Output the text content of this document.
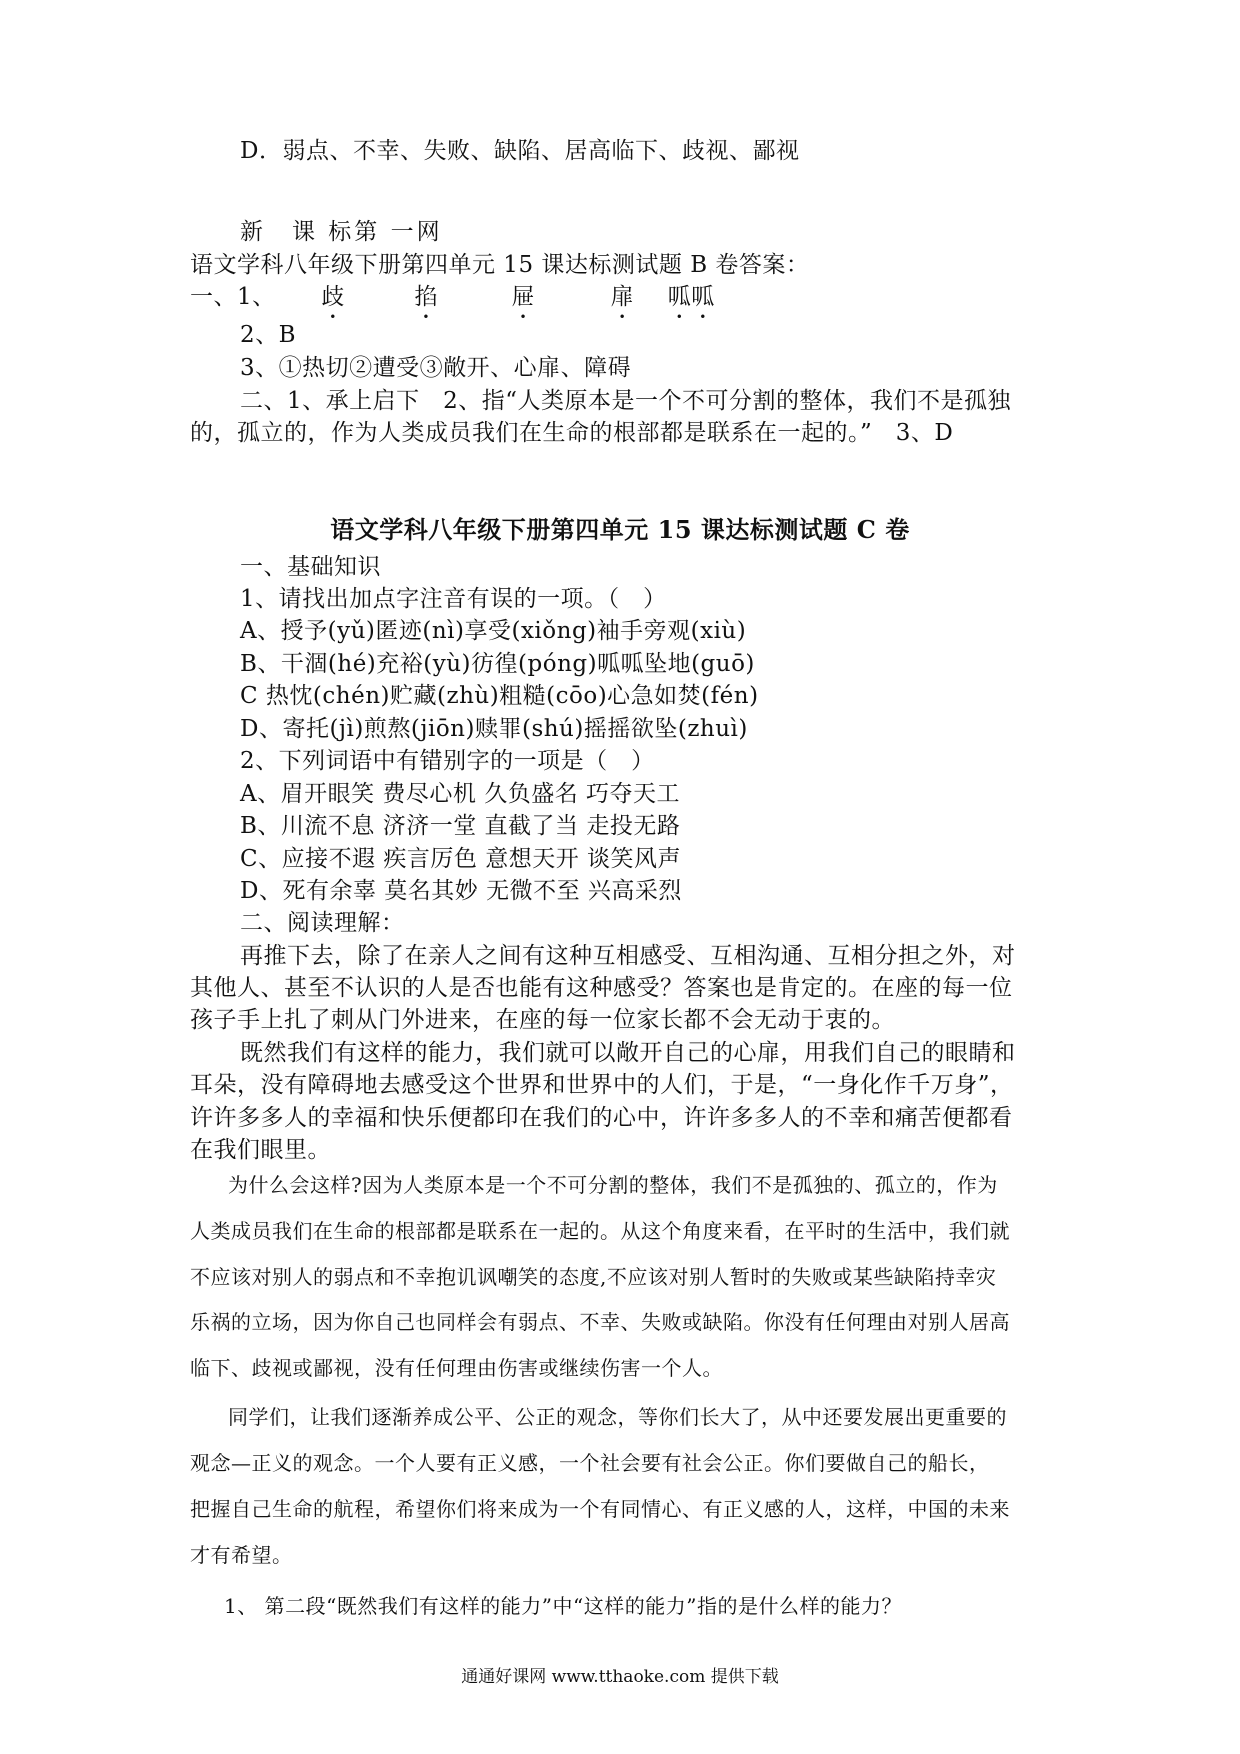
D．弱点、不幸、失败、缺陷、居高临下、歧视、鄙视

新　课 标第 一网

语文学科八年级下册第四单元 15 课达标测试题 B 卷答案：

一、1、 歧	掐	屉	扉 呱呱

2、B

3、①热切②遭受③敞开、心扉、障碍

二、1、承上启下　2、指“人类原本是一个不可分割的整体，我们不是孤独

的，孤立的，作为人类成员我们在生命的根部都是联系在一起的。”　3、D

语文学科八年级下册第四单元 15 课达标测试题 C 卷

一、基础知识

1、请找出加点字注音有误的一项。（　）

A、授予(yǔ)匿迹(nì)享受(xiǒng)袖手旁观(xiù)

B、干涸(hé)充裕(yù)彷徨(póng)呱呱坠地(guō)

C 热忱(chén)贮藏(zhù)粗糙(cōo)心急如焚(fén)

D、寄托(jì)煎熬(jiōn)赎罪(shú)摇摇欲坠(zhuì)

2、下列词语中有错别字的一项是（　）

A、眉开眼笑 费尽心机 久负盛名 巧夺天工

B、川流不息 济济一堂 直截了当 走投无路

C、应接不遐 疾言厉色 意想天开 谈笑风声

D、死有余辜 莫名其妙 无微不至 兴高采烈

二、阅读理解：

再推下去，除了在亲人之间有这种互相感受、互相沟通、互相分担之外，对

其他人、甚至不认识的人是否也能有这种感受？答案也是肯定的。在座的每一位

孩子手上扎了刺从门外进来，在座的每一位家长都不会无动于衷的。

既然我们有这样的能力，我们就可以敞开自己的心扉，用我们自己的眼睛和

耳朵，没有障碍地去感受这个世界和世界中的人们，于是，“一身化作千万身”，

许许多多人的幸福和快乐便都印在我们的心中，许许多多人的不幸和痛苦便都看

在我们眼里。

为什么会这样?因为人类原本是一个不可分割的整体，我们不是孤独的、孤立的，作为

人类成员我们在生命的根部都是联系在一起的。从这个角度来看，在平时的生活中，我们就

不应该对别人的弱点和不幸抱讥讽嘲笑的态度,不应该对别人暂时的失败或某些缺陷持幸灾

乐祸的立场，因为你自己也同样会有弱点、不幸、失败或缺陷。你没有任何理由对别人居高

临下、歧视或鄙视，没有任何理由伤害或继续伤害一个人。

同学们，让我们逐渐养成公平、公正的观念，等你们长大了，从中还要发展出更重要的

观念—正义的观念。一个人要有正义感，一个社会要有社会公正。你们要做自己的船长，

把握自己生命的航程，希望你们将来成为一个有同情心、有正义感的人，这样，中国的未来

才有希望。

1、 第二段“既然我们有这样的能力”中“这样的能力”指的是什么样的能力？

通通好课网 www.tthaoke.com 提供下载
